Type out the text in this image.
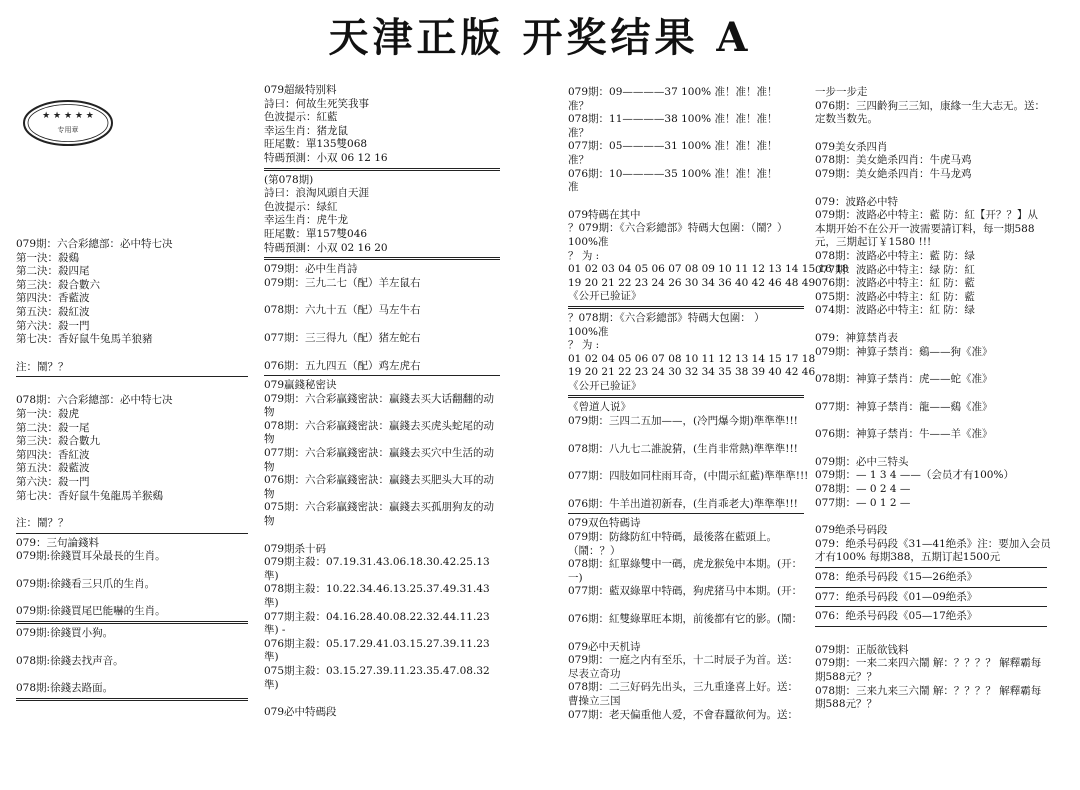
天津正版 开奖结果 A
★ ★ ★ ★ ★
专用章
079期：六合彩總部：必中特七决
第一決：殺鷄
第二決：殺四尾
第三決：殺合數六
第四決：香藍波
第五決：殺紅波
第六決：殺一門
第七决：香好鼠牛兔馬羊狼豬
注：鬧？？
078期：六合彩總部：必中特七决
第一決：殺虎
第二決：殺一尾
第三決：殺合數九
第四決：香紅波
第五決：殺藍波
第六決：殺一門
第七决：香好鼠牛兔龍馬羊猴鷄
注：鬧？？
079：三句論錢料
079期:徐錢買耳朵最長的生肖。
079期:徐錢看三只爪的生肖。
079期:徐錢買尾巴能嚇的生肖。
079期:徐錢買小狗。
078期:徐錢去找声音。
078期:徐錢去路面。
079超級特别料
詩曰：何故生死笑我事
色波提示：紅藍
幸运生肖：猪龙鼠
旺尾數：單135雙068
特碼預測：小双 06 12 16
(第078期)
詩曰：浪淘风頭自天涯
色波提示：绿紅
幸运生肖：虎牛龙
旺尾數：單157雙046
特碼預測：小双 02 16 20
079期：必中生肖詩
079期：三九二七（配）羊左鼠右
078期：六九十五（配）马左牛右
077期：三三得九（配）猪左蛇右
076期：五九四五（配）鸡左虎右
079贏錢秘密诀
079期：六合彩贏錢密訣：贏錢去买大话翻翻的动
物
078期：六合彩贏錢密訣：贏錢去买虎头蛇尾的动
物
077期：六合彩贏錢密訣：贏錢去买穴中生活的动
物
076期：六合彩贏錢密訣：贏錢去买肥头大耳的动
物
075期：六合彩贏錢密訣：贏錢去买孤朋狗友的动
物
079期杀十码
079期主殺：07.19.31.43.06.18.30.42.25.13
準)
078期主殺：10.22.34.46.13.25.37.49.31.43
準)
077期主殺：04.16.28.40.08.22.32.44.11.23
準) -
076期主殺：05.17.29.41.03.15.27.39.11.23
準)
075期主殺：03.15.27.39.11.23.35.47.08.32
準)
079必中特碼段
079期：09————37 100% 准！准！准！
准？
078期：11————38 100% 准！准！准！
准？
077期：05————31 100% 准！准！准！
准？
076期：10————35 100% 准！准！准！
准
079特碼在其中
？079期：《六合彩總部》特碼大包圍：（鬧？）
100%准
？ 为 :
01 02 03 04 05 06 07 08 09 10 11 12 13 14 15 16 18
19 20 21 22 23 24 26 30 34 36 40 42 46 48 49
《公开已验证》
？078期：《六合彩總部》特碼大包圍： ）
100%准
？ 为 :
01 02 04 05 06 07 08 10 11 12 13 14 15 17 18
19 20 21 22 23 24 30 32 34 35 38 39 40 42 46
《公开已验证》
《曾道人说》
079期：三四二五加——，(冷門爆今期)準準準!!!
078期：八九七二誰說猜，(生肖非常熱)準準準!!!
077期：四肢如同柱雨耳奇，(中間示紅藍)準準準!!!
076期：牛羊出道初新春，(生肖乖老大)準準準!!!
079双色特碼诗
079期：防緣防紅中特碼，最後落在藍頭上。
（鬧：？）
078期：紅單綠雙中一碼，虎龙猴兔中本期。(开：
一)
077期：藍双綠單中特碼，狗虎猪马中本期。(开：
076期：紅雙綠單旺本期，前後都有它的影。(鬧：
079必中天机诗
079期：一庭之内有至乐，十二时辰子为首。送：
尽表立奇功
078期：二三好码先出头，三九重逢喜上好。送：
曹操立三国
077期：老天偏重他人爱，不會春蠶欲何为。送：
一步一步走
076期：三四齡狗三三知，康緣一生大志无。送：
定数当数先。
079美女杀四肖
078期：美女絶杀四肖：牛虎马鸡
079期：美女絶杀四肖：牛马龙鸡
079：波路必中特
079期：波路必中特主：藍 防：紅【开？？】从
本期开始不在公开一波需要請订料，每一期588
元，三期起订￥1580 !!!
078期：波路必中特主：藍 防：绿
077期：波路必中特主：绿 防：紅
076期：波路必中特主：紅 防：藍
075期：波路必中特主：紅 防：藍
074期：波路必中特主：紅 防：绿
079：神算禁肖表
079期：神算子禁肖：鷄——狗《准》
078期：神算子禁肖：虎——蛇《准》
077期：神算子禁肖：龍——鷄《准》
076期：神算子禁肖：牛——羊《准》
079期：必中三特头
079期：— 1 3 4 ——（会员才有100%）
078期：— 0 2 4 —
077期：— 0 1 2 —
079绝杀号码段
079：绝杀号码段《31—41绝杀》注：要加入会员
才有100% 每期388，五期订起1500元
078：绝杀号码段《15—26绝杀》
077：绝杀号码段《01—09绝杀》
076：绝杀号码段《05—17绝杀》
079期：正版欲钱料
079期：一来二来四六鬧 解：？？？？ 解釋霸每
期588元？？
078期：三来九来三六鬧 解：？？？？ 解釋霸每
期588元？？
